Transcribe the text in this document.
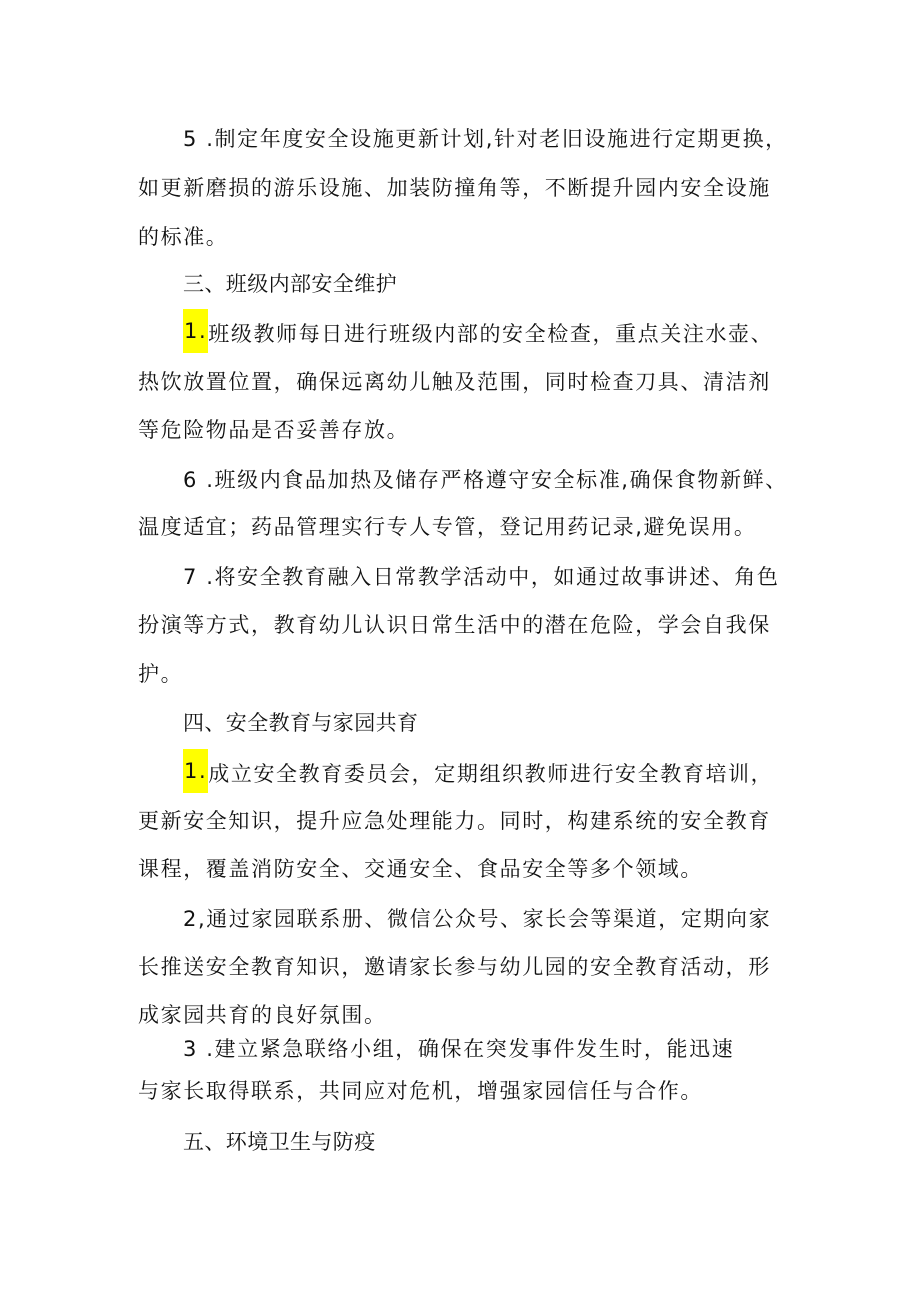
5 .制定年度安全设施更新计划,针对老旧设施进行定期更换，
如更新磨损的游乐设施、加装防撞角等，不断提升园内安全设施
的标准。
三、班级内部安全维护
1.班级教师每日进行班级内部的安全检查，重点关注水壶、
热饮放置位置，确保远离幼儿触及范围，同时检查刀具、清洁剂
等危险物品是否妥善存放。
6 .班级内食品加热及储存严格遵守安全标准,确保食物新鲜、
温度适宜；药品管理实行专人专管，登记用药记录,避免误用。
7 .将安全教育融入日常教学活动中，如通过故事讲述、角色
扮演等方式，教育幼儿认识日常生活中的潜在危险，学会自我保
护。
四、安全教育与家园共育
1.成立安全教育委员会，定期组织教师进行安全教育培训，
更新安全知识，提升应急处理能力。同时，构建系统的安全教育
课程，覆盖消防安全、交通安全、食品安全等多个领域。
2,通过家园联系册、微信公众号、家长会等渠道，定期向家
长推送安全教育知识，邀请家长参与幼儿园的安全教育活动，形
成家园共育的良好氛围。
3 .建立紧急联络小组，确保在突发事件发生时，能迅速
与家长取得联系，共同应对危机，增强家园信任与合作。
五、环境卫生与防疫
